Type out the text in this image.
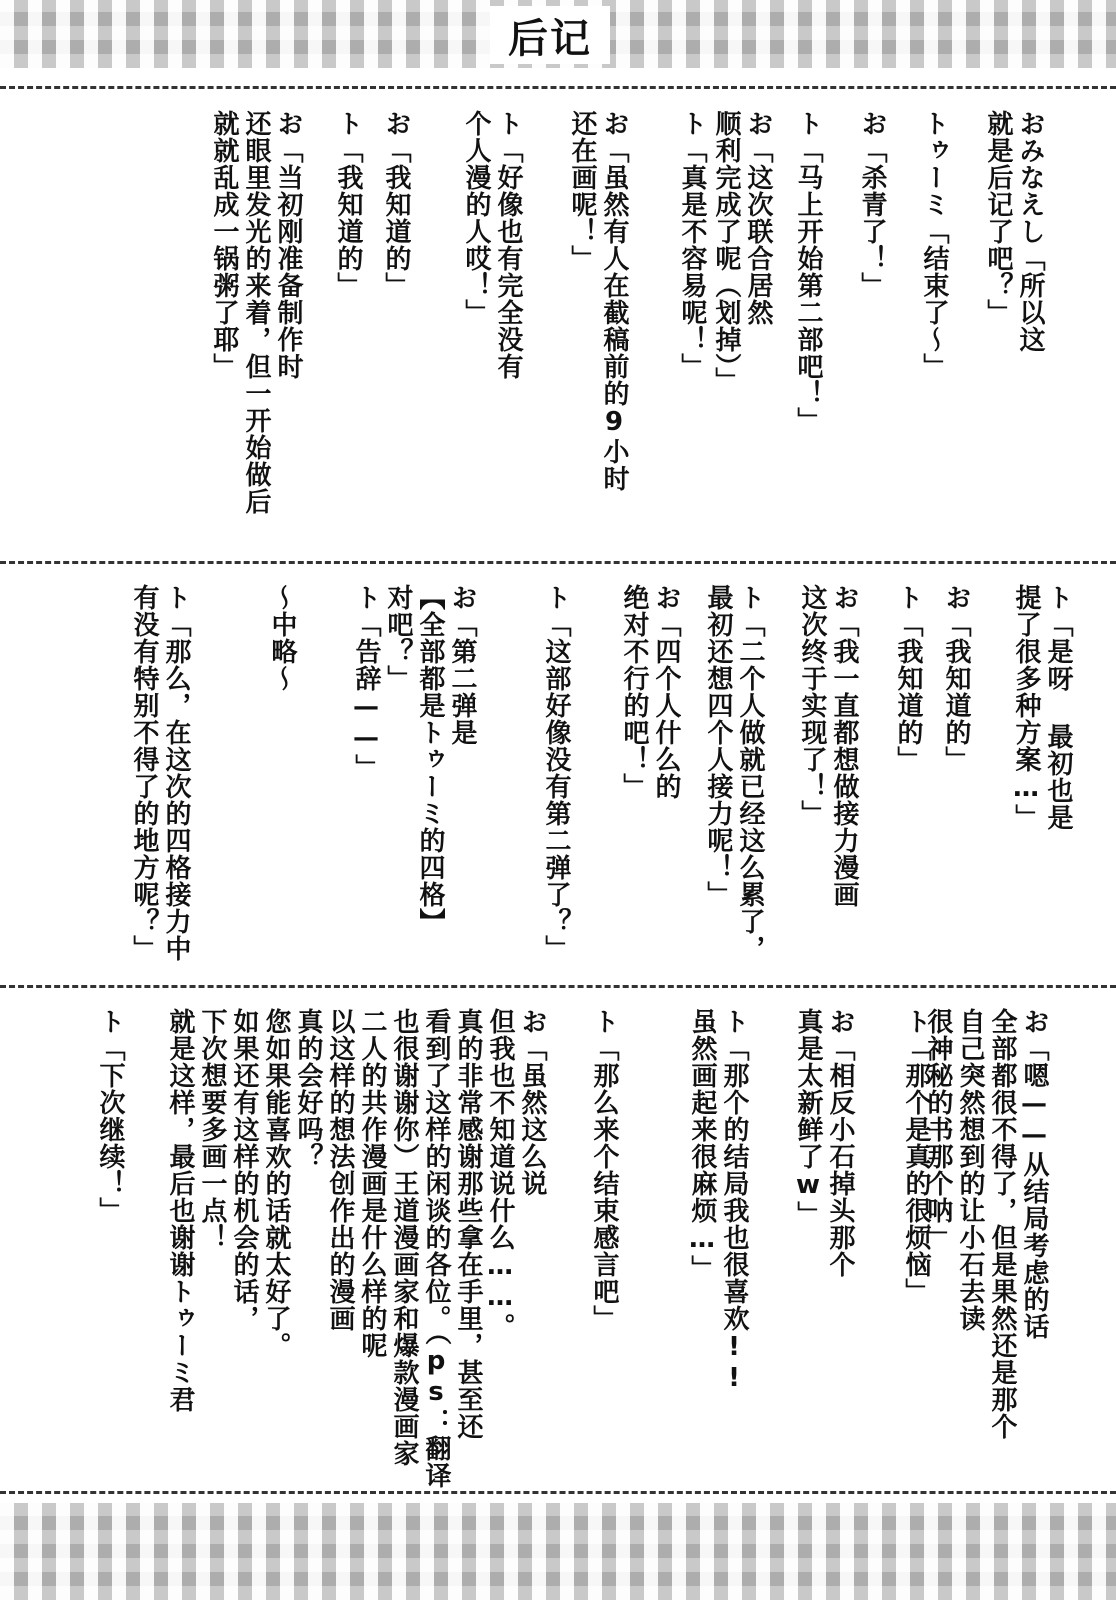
后记
おみなえし「所以这
就是后记了吧？」
トゥーミ「结束了～」
お「杀青了！」
ト「马上开始第二部吧！」
お「这次联合居然
顺利完成了呢（划掉）」
ト「真是不容易呢！」
お「虽然有人在截稿前的9小时
还在画呢！」
ト「好像也有完全没有
个人漫的人哎！」
お「我知道的」
ト「我知道的」
お「当初刚准备制作时
还眼里发光的来着，但一开始做后
就就乱成一锅粥了耶」
ト「是呀 最初也是
提了很多种方案…」
お「我知道的」
ト「我知道的」
お「我一直都想做接力漫画
这次终于实现了！」
ト「二个人做就已经这么累了，
最初还想四个人接力呢！」
お「四个人什么的
绝对不行的吧！」
ト「这部好像没有第二弹了？」
お「第二弹是
【全部都是トゥーミ的四格】
对吧？」
ト「告辞——」
～中略～
ト「那么，在这次的四格接力中
有没有特别不得了的地方呢？」
お「嗯——从结局考虑的话
全部都很不得了，但是果然还是那个
自己突然想到的让小石去读
很神秘的书那个呐」
ト「那个是真的很烦恼」
お「相反小石掉头那个
真是太新鲜了w」
ト「那个的结局我也很喜欢!!
虽然画起来很麻烦…」
ト「那么来个结束感言吧」
お「虽然这么说
但我也不知道说什么……。
真的非常感谢那些拿在手里，甚至还
看到了这样的闲谈的各位。（ps：翻译
也很谢谢你）王道漫画家和爆款漫画家
二人的共作漫画是什么样的呢
以这样的想法创作出的漫画
真的会好吗？
您如果能喜欢的话就太好了。
如果还有这样的机会的话，
下次想要多画一点！
就是这样，最后也谢谢トゥーミ君
ト「下次继续！」
